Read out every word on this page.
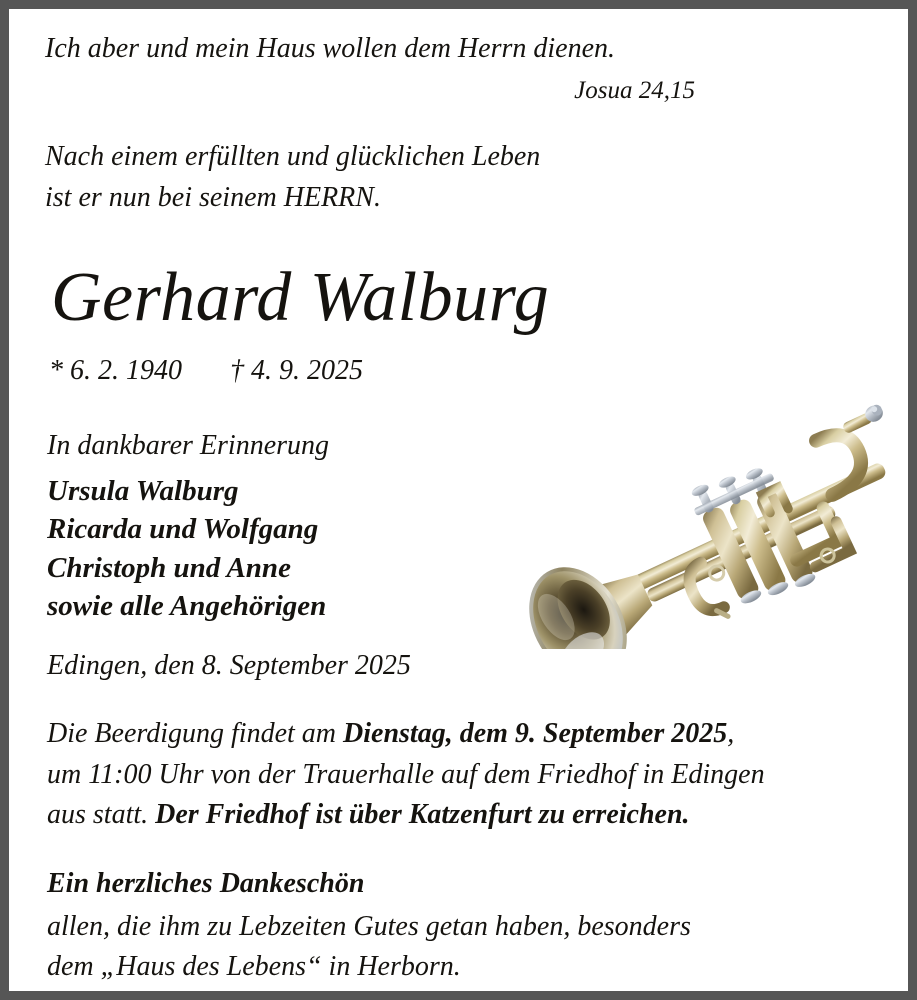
Ich aber und mein Haus wollen dem Herrn dienen.
Josua 24,15
Nach einem erfüllten und glücklichen Leben
ist er nun bei seinem HERRN.
Gerhard Walburg
* 6. 2. 1940 † 4. 9. 2025
In dankbarer Erinnerung
Ursula Walburg
Ricarda und Wolfgang
Christoph und Anne
sowie alle Angehörigen
Edingen, den 8. September 2025
Die Beerdigung findet am Dienstag, dem 9. September 2025,
um 11:00 Uhr von der Trauerhalle auf dem Friedhof in Edingen
aus statt. Der Friedhof ist über Katzenfurt zu erreichen.
Ein herzliches Dankeschön
allen, die ihm zu Lebzeiten Gutes getan haben, besonders
dem „Haus des Lebens“ in Herborn.
